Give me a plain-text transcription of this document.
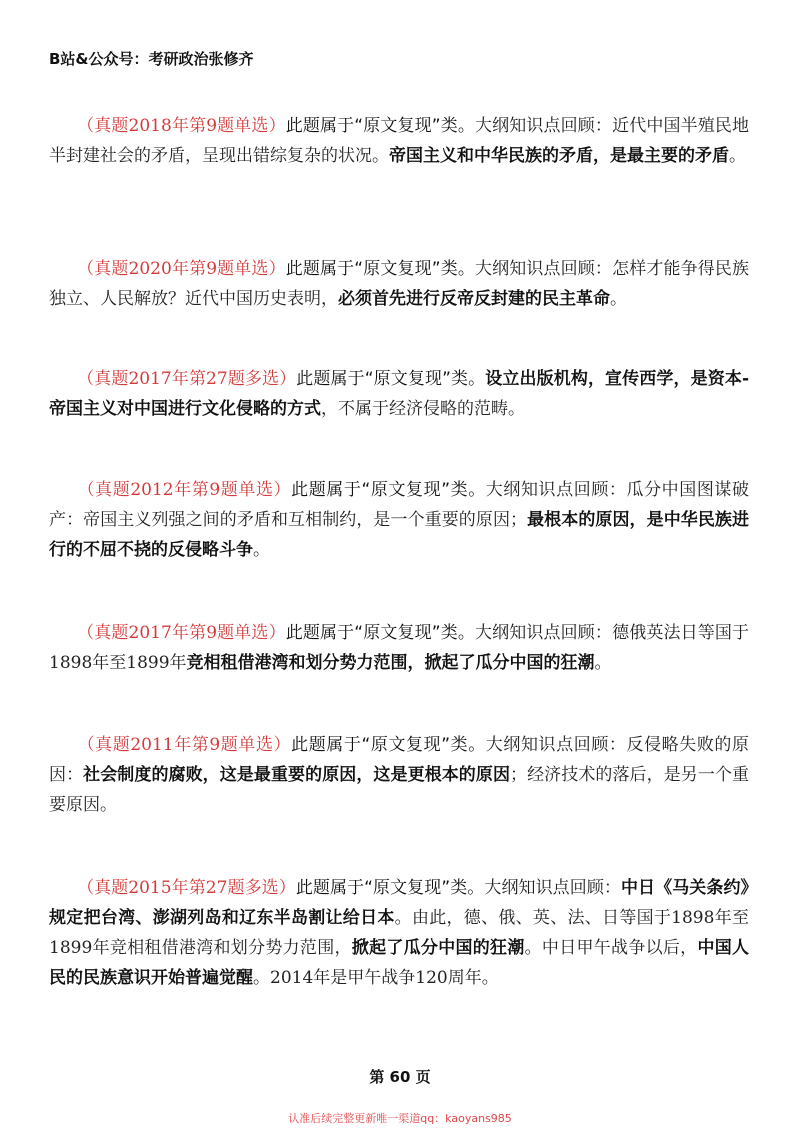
B站&公众号：考研政治张修齐
（真题2018年第9题单选）此题属于“原文复现”类。大纲知识点回顾：近代中国半殖民地半封建社会的矛盾，呈现出错综复杂的状况。帝国主义和中华民族的矛盾，是最主要的矛盾。
（真题2020年第9题单选）此题属于“原文复现”类。大纲知识点回顾：怎样才能争得民族独立、人民解放？近代中国历史表明，必须首先进行反帝反封建的民主革命。
（真题2017年第27题多选）此题属于“原文复现”类。设立出版机构，宣传西学，是资本-帝国主义对中国进行文化侵略的方式，不属于经济侵略的范畴。
（真题2012年第9题单选）此题属于“原文复现”类。大纲知识点回顾：瓜分中国图谋破产：帝国主义列强之间的矛盾和互相制约，是一个重要的原因；最根本的原因，是中华民族进行的不屈不挠的反侵略斗争。
（真题2017年第9题单选）此题属于“原文复现”类。大纲知识点回顾：德俄英法日等国于1898年至1899年竞相租借港湾和划分势力范围，掀起了瓜分中国的狂潮。
（真题2011年第9题单选）此题属于“原文复现”类。大纲知识点回顾：反侵略失败的原因：社会制度的腐败，这是最重要的原因，这是更根本的原因；经济技术的落后，是另一个重要原因。
（真题2015年第27题多选）此题属于“原文复现”类。大纲知识点回顾：中日《马关条约》规定把台湾、澎湖列岛和辽东半岛割让给日本。由此，德、俄、英、法、日等国于1898年至1899年竞相租借港湾和划分势力范围，掀起了瓜分中国的狂潮。中日甲午战争以后，中国人民的民族意识开始普遍觉醒。2014年是甲午战争120周年。
第 60 页
认准后续完整更新唯一渠道qq：kaoyans985
